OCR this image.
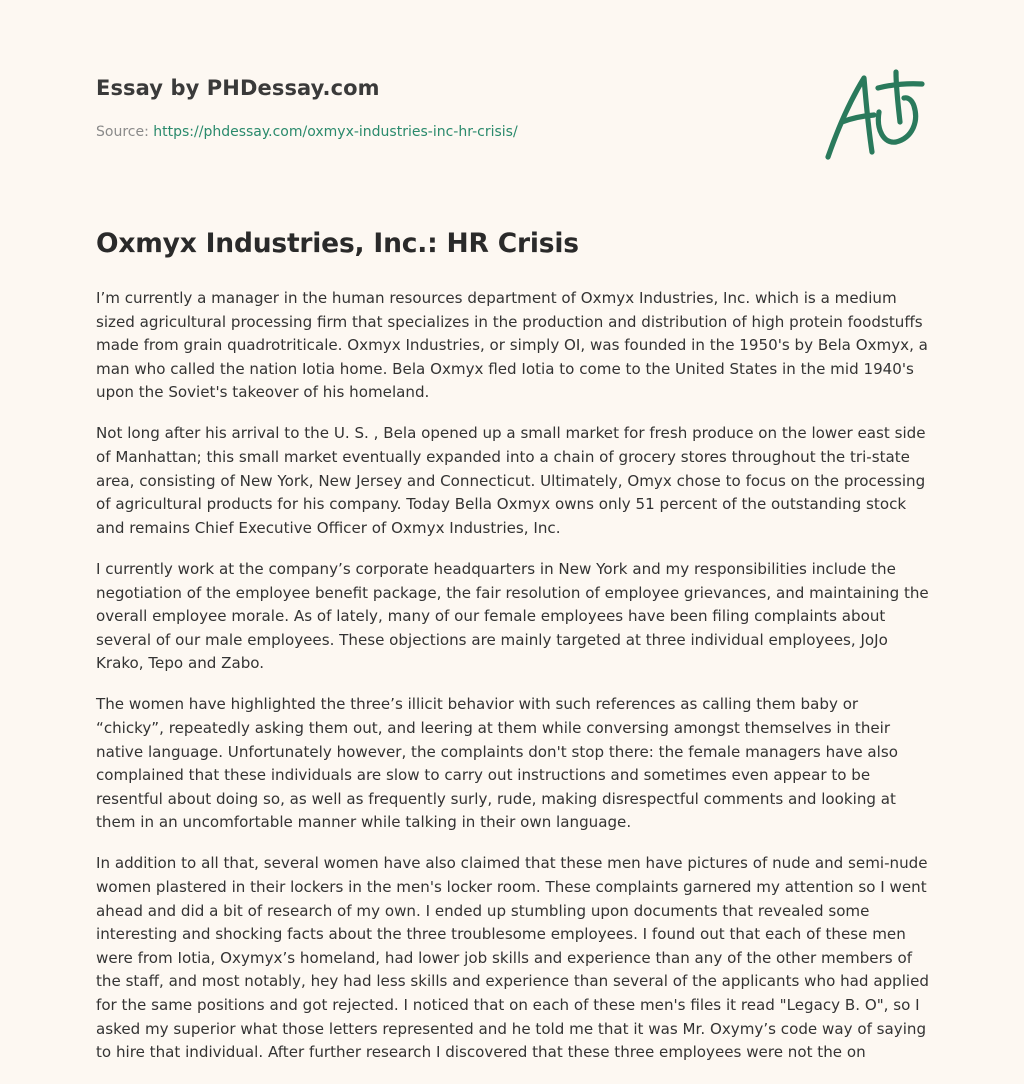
Essay by PHDessay.com
Source: https://phdessay.com/oxmyx-industries-inc-hr-crisis/
Oxmyx Industries, Inc.: HR Crisis

I’m currently a manager in the human resources department of Oxmyx Industries, Inc. which is a medium sized agricultural processing firm that specializes in the production and distribution of high protein foodstuffs made from grain quadrotriticale. Oxmyx Industries, or simply OI, was founded in the 1950's by Bela Oxmyx, a man who called the nation Iotia home. Bela Oxmyx fled Iotia to come to the United States in the mid 1940's upon the Soviet's takeover of his homeland.

Not long after his arrival to the U. S. , Bela opened up a small market for fresh produce on the lower east side of Manhattan; this small market eventually expanded into a chain of grocery stores throughout the tri-state area, consisting of New York, New Jersey and Connecticut. Ultimately, Omyx chose to focus on the processing of agricultural products for his company. Today Bella Oxmyx owns only 51 percent of the outstanding stock and remains Chief Executive Officer of Oxmyx Industries, Inc.

I currently work at the company’s corporate headquarters in New York and my responsibilities include the negotiation of the employee benefit package, the fair resolution of employee grievances, and maintaining the overall employee morale. As of lately, many of our female employees have been filing complaints about several of our male employees. These objections are mainly targeted at three individual employees, JoJo Krako, Tepo and Zabo.

The women have highlighted the three’s illicit behavior with such references as calling them baby or “chicky”, repeatedly asking them out, and leering at them while conversing amongst themselves in their native language. Unfortunately however, the complaints don't stop there: the female managers have also complained that these individuals are slow to carry out instructions and sometimes even appear to be resentful about doing so, as well as frequently surly, rude, making disrespectful comments and looking at them in an uncomfortable manner while talking in their own language.

In addition to all that, several women have also claimed that these men have pictures of nude and semi-nude women plastered in their lockers in the men's locker room. These complaints garnered my attention so I went ahead and did a bit of research of my own. I ended up stumbling upon documents that revealed some interesting and shocking facts about the three troublesome employees. I found out that each of these men were from Iotia, Oxymyx’s homeland, had lower job skills and experience than any of the other members of the staff, and most notably, hey had less skills and experience than several of the applicants who had applied for the same positions and got rejected. I noticed that on each of these men's files it read "Legacy B. O", so I asked my superior what those letters represented and he told me that it was Mr. Oxymy’s code way of saying to hire that individual. After further research I discovered that these three employees were not the on
